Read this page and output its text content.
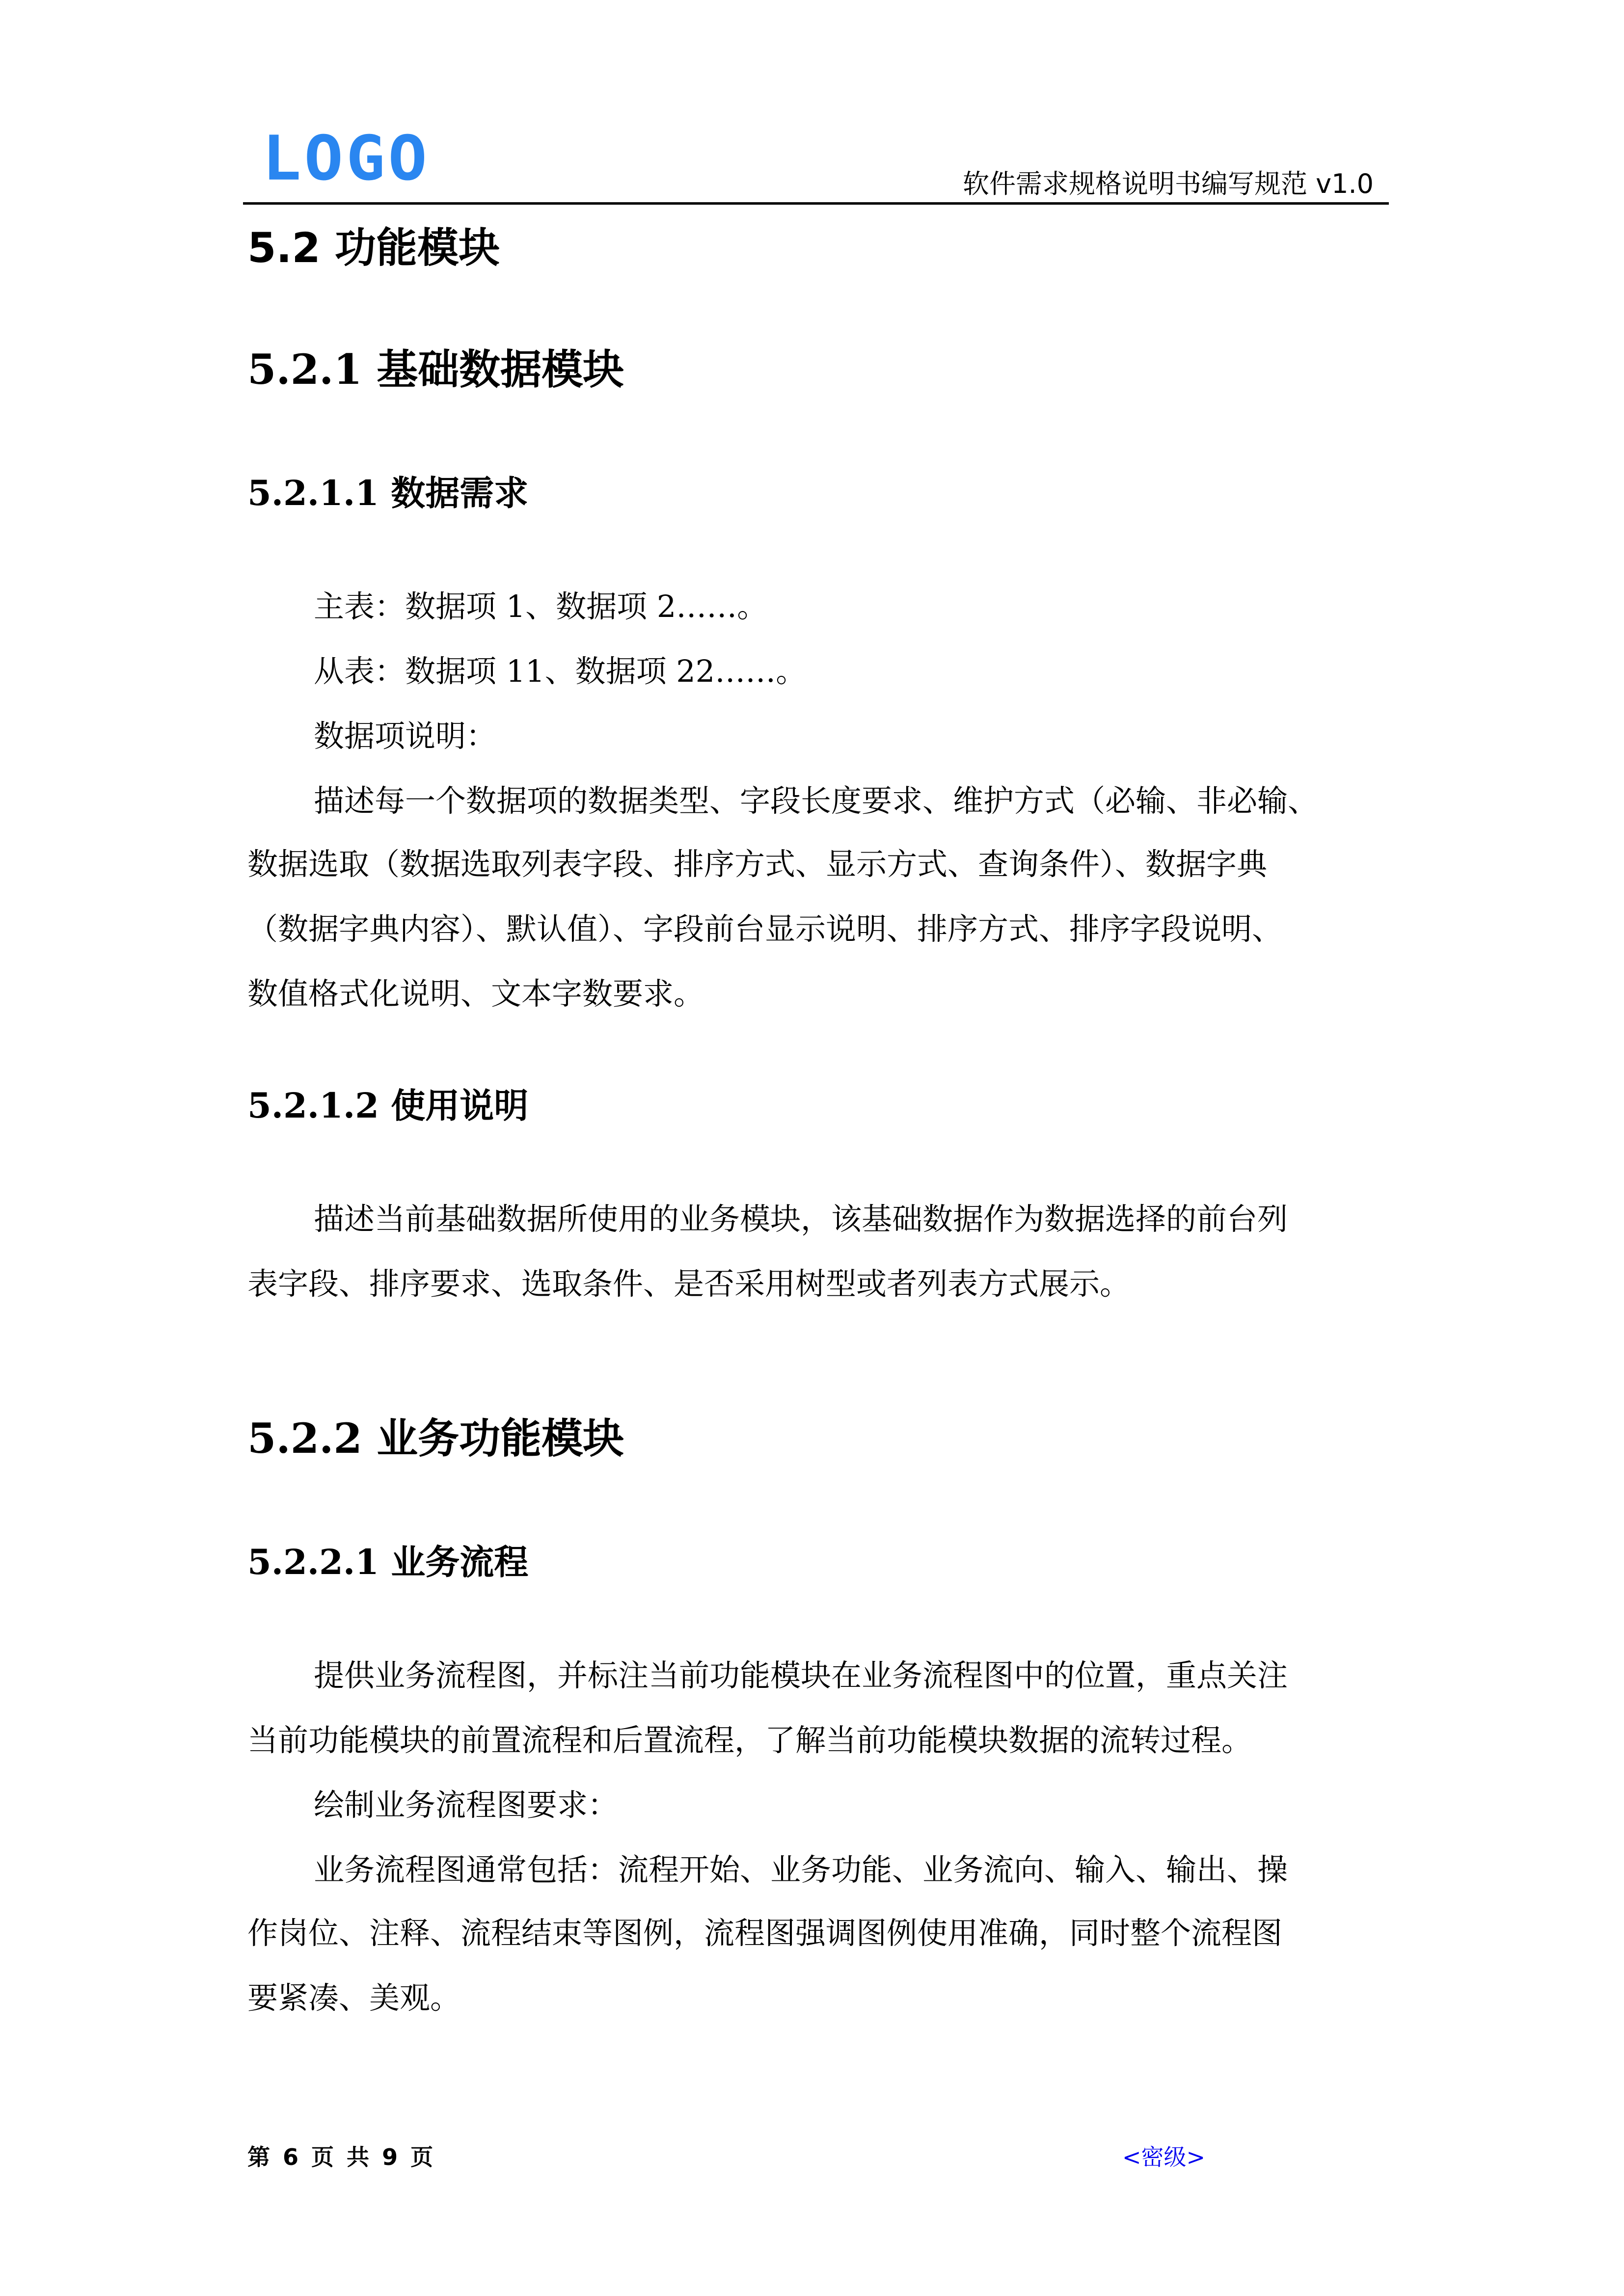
LOGO	软件需求规格说明书编写规范 v1.0
5.2 功能模块
5.2.1 基础数据模块
5.2.1.1 数据需求
主表：数据项 1、数据项 2……。
从表：数据项 11、数据项 22……。
数据项说明：
描述每一个数据项的数据类型、字段长度要求、维护方式（必输、非必输、
数据选取（数据选取列表字段、排序方式、显示方式、查询条件）、数据字典
（数据字典内容）、默认值）、字段前台显示说明、排序方式、排序字段说明、
数值格式化说明、文本字数要求。
5.2.1.2 使用说明
描述当前基础数据所使用的业务模块，该基础数据作为数据选择的前台列
表字段、排序要求、选取条件、是否采用树型或者列表方式展示。
5.2.2 业务功能模块
5.2.2.1 业务流程
提供业务流程图，并标注当前功能模块在业务流程图中的位置，重点关注
当前功能模块的前置流程和后置流程，了解当前功能模块数据的流转过程。
绘制业务流程图要求：
业务流程图通常包括：流程开始、业务功能、业务流向、输入、输出、操
作岗位、注释、流程结束等图例，流程图强调图例使用准确，同时整个流程图
要紧凑、美观。
第 6 页 共 9 页	<密级>
